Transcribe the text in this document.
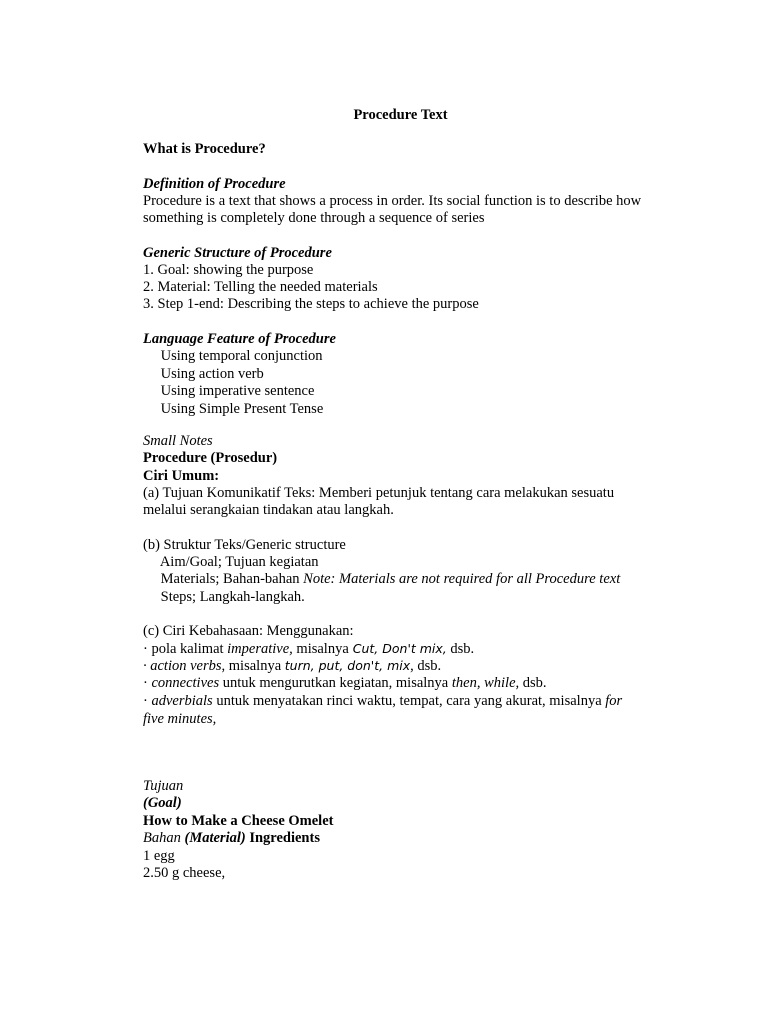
Procedure Text
What is Procedure?
Definition of Procedure
Procedure is a text that shows a process in order. Its social function is to describe how
something is completely done through a sequence of series
Generic Structure of Procedure
1. Goal: showing the purpose
2. Material: Telling the needed materials
3. Step 1-end: Describing the steps to achieve the purpose
Language Feature of Procedure
Using temporal conjunction
Using action verb
Using imperative sentence
Using Simple Present Tense
Small Notes
Procedure (Prosedur)
Ciri Umum:
(a) Tujuan Komunikatif Teks: Memberi petunjuk tentang cara melakukan sesuatu
melalui serangkaian tindakan atau langkah.
(b) Struktur Teks/Generic structure
Aim/Goal; Tujuan kegiatan
Materials; Bahan-bahan Note: Materials are not required for all Procedure text
Steps; Langkah-langkah.
(c) Ciri Kebahasaan: Menggunakan:
· pola kalimat imperative, misalnya Cut, Don't mix, dsb.
· action verbs, misalnya turn, put, don't, mix, dsb.
· connectives untuk mengurutkan kegiatan, misalnya then, while, dsb.
· adverbials untuk menyatakan rinci waktu, tempat, cara yang akurat, misalnya for
five minutes,
Tujuan
(Goal)
How to Make a Cheese Omelet
Bahan (Material) Ingredients
1 egg
2.50 g cheese,
